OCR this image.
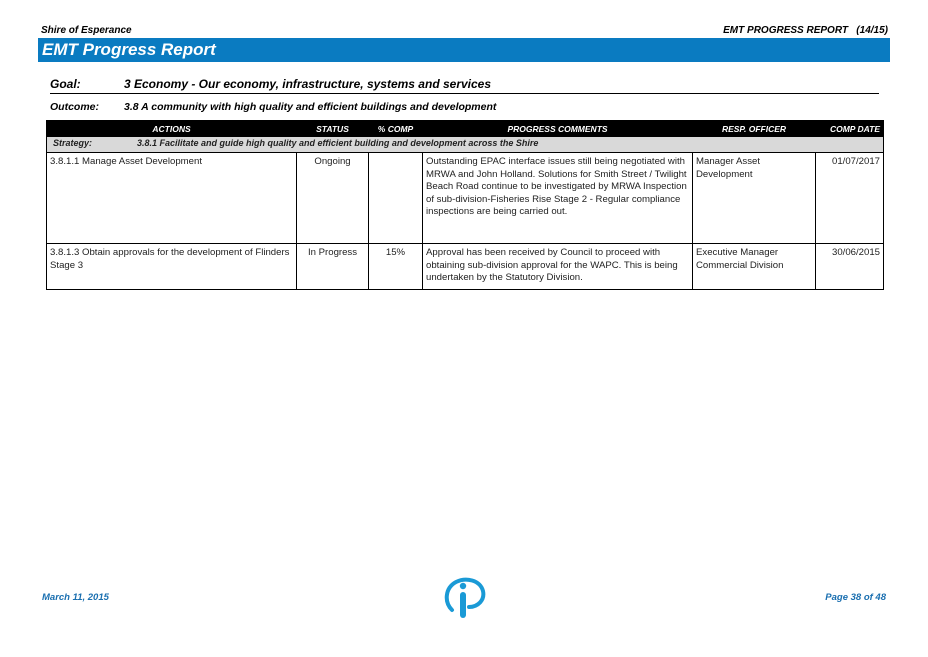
Shire of Esperance	EMT PROGRESS REPORT   (14/15)
EMT Progress Report
Goal:	3 Economy - Our economy, infrastructure, systems and services
Outcome: 3.8 A community with high quality and efficient buildings and development
ACTIONS	STATUS	% COMP	PROGRESS COMMENTS	RESP. OFFICER	COMP DATE
Strategy: 3.8.1 Facilitate and guide high quality and efficient building and development across the Shire					
3.8.1.1 Manage Asset Development	Ongoing		Outstanding EPAC interface issues still being negotiated with MRWA and John Holland. Solutions for Smith Street / Twilight Beach Road continue to be investigated by MRWA Inspection of sub-division-Fisheries Rise Stage 2 - Regular compliance inspections are being carried out.	Manager Asset Development	01/07/2017
3.8.1.3 Obtain approvals for the development of Flinders Stage 3	In Progress	15%	Approval has been received by Council to proceed with obtaining sub-division approval for the WAPC. This is being undertaken by the Statutory Division.	Executive Manager Commercial Division	30/06/2015
March 11, 2015	Page 38 of 48
